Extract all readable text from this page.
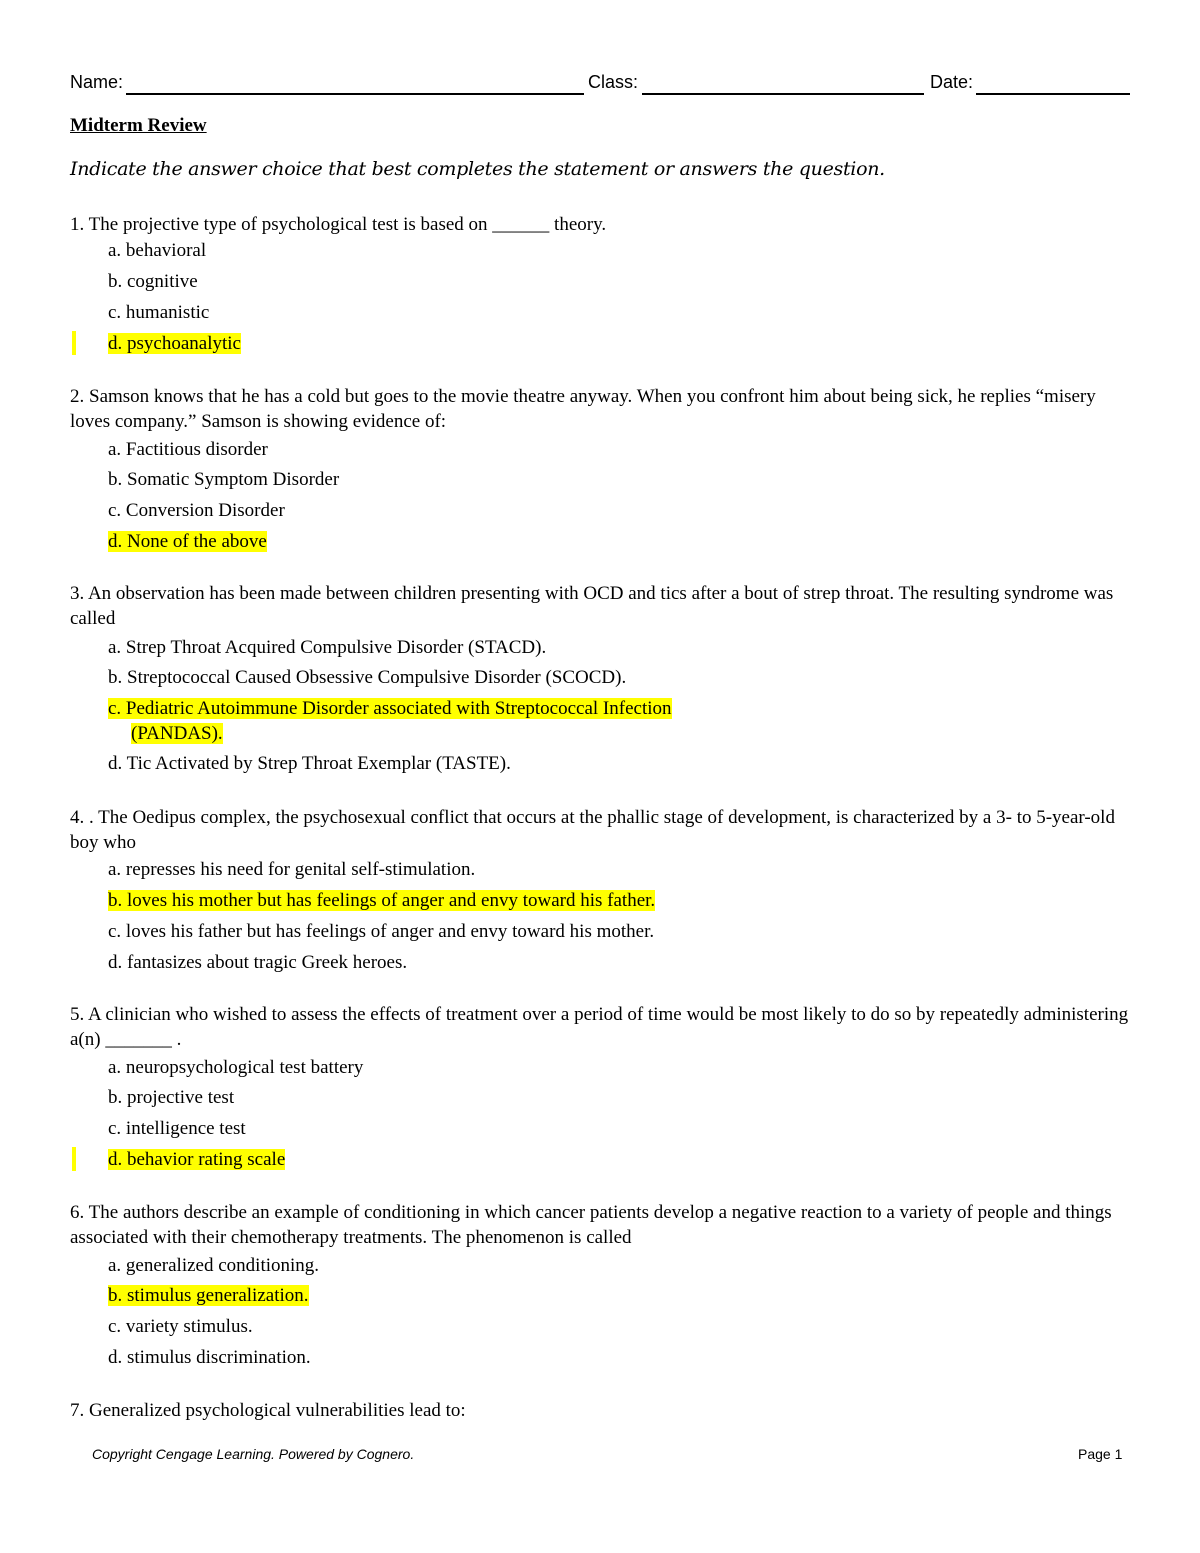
Name:	Class:	Date:
Midterm Review
Indicate the answer choice that best completes the statement or answers the question.

1. The projective type of psychological test is based on ______ theory.

a. behavioral
b. cognitive
c. humanistic
d. psychoanalytic

2. Samson knows that he has a cold but goes to the movie theatre anyway. When you confront him about being sick, he replies “misery loves company.” Samson is showing evidence of:

a. Factitious disorder
b. Somatic Symptom Disorder
c. Conversion Disorder
d. None of the above

3. An observation has been made between children presenting with OCD and tics after a bout of strep throat. The resulting syndrome was called

a. Strep Throat Acquired Compulsive Disorder (STACD).
b. Streptococcal Caused Obsessive Compulsive Disorder (SCOCD).
c. Pediatric Autoimmune Disorder associated with Streptococcal Infection
(PANDAS).
d. Tic Activated by Strep Throat Exemplar (TASTE).

4. . The Oedipus complex, the psychosexual conflict that occurs at the phallic stage of development, is characterized by a 3- to 5-year-old boy who

a. represses his need for genital self-stimulation.
b. loves his mother but has feelings of anger and envy toward his father.
c. loves his father but has feelings of anger and envy toward his mother.
d. fantasizes about tragic Greek heroes.

5. A clinician who wished to assess the effects of treatment over a period of time would be most likely to do so by repeatedly administering a(n) _______ .

a. neuropsychological test battery
b. projective test
c. intelligence test
d. behavior rating scale

6. The authors describe an example of conditioning in which cancer patients develop a negative reaction to a variety of people and things associated with their chemotherapy treatments. The phenomenon is called

a. generalized conditioning.
b. stimulus generalization.
c. variety stimulus.
d. stimulus discrimination.

7. Generalized psychological vulnerabilities lead to:

Copyright Cengage Learning. Powered by Cognero.	Page 1
